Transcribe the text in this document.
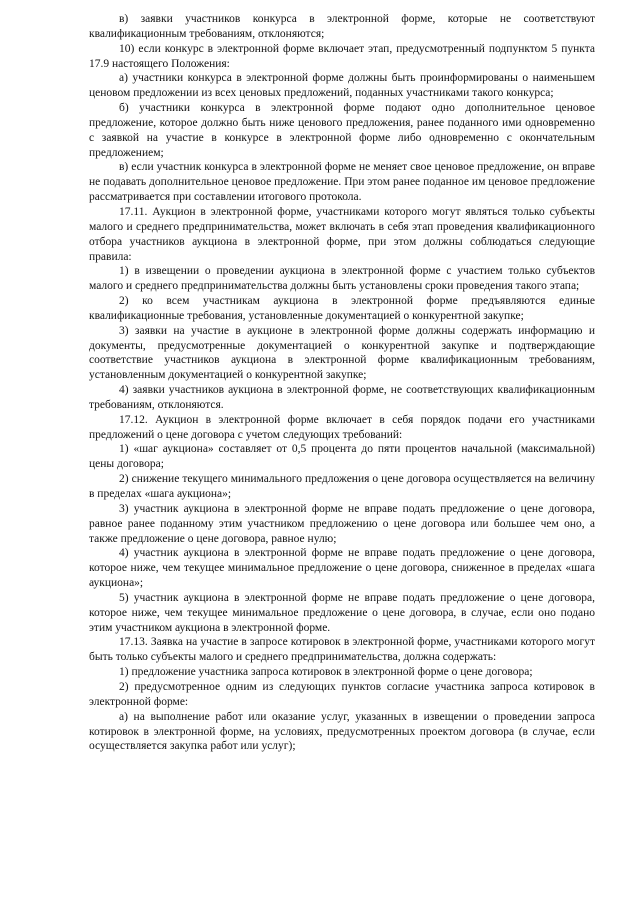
в) заявки участников конкурса в электронной форме, которые не соответствуют квалификационным требованиям, отклоняются;

10) если конкурс в электронной форме включает этап, предусмотренный подпунктом 5 пункта 17.9 настоящего Положения:

а) участники конкурса в электронной форме должны быть проинформированы о наименьшем ценовом предложении из всех ценовых предложений, поданных участниками такого конкурса;

б) участники конкурса в электронной форме подают одно дополнительное ценовое предложение, которое должно быть ниже ценового предложения, ранее поданного ими одновременно с заявкой на участие в конкурсе в электронной форме либо одновременно с окончательным предложением;

в) если участник конкурса в электронной форме не меняет свое ценовое предложение, он вправе не подавать дополнительное ценовое предложение. При этом ранее поданное им ценовое предложение рассматривается при составлении итогового протокола.

17.11. Аукцион в электронной форме, участниками которого могут являться только субъекты малого и среднего предпринимательства, может включать в себя этап проведения квалификационного отбора участников аукциона в электронной форме, при этом должны соблюдаться следующие правила:

1) в извещении о проведении аукциона в электронной форме с участием только субъектов малого и среднего предпринимательства должны быть установлены сроки проведения такого этапа;

2) ко всем участникам аукциона в электронной форме предъявляются единые квалификационные требования, установленные документацией о конкурентной закупке;

3) заявки на участие в аукционе в электронной форме должны содержать информацию и документы, предусмотренные документацией о конкурентной закупке и подтверждающие соответствие участников аукциона в электронной форме квалификационным требованиям, установленным документацией о конкурентной закупке;

4) заявки участников аукциона в электронной форме, не соответствующих квалификационным требованиям, отклоняются.

17.12. Аукцион в электронной форме включает в себя порядок подачи его участниками предложений о цене договора с учетом следующих требований:

1) «шаг аукциона» составляет от 0,5 процента до пяти процентов начальной (максимальной) цены договора;

2) снижение текущего минимального предложения о цене договора осуществляется на величину в пределах «шага аукциона»;

3) участник аукциона в электронной форме не вправе подать предложение о цене договора, равное ранее поданному этим участником предложению о цене договора или большее чем оно, а также предложение о цене договора, равное нулю;

4) участник аукциона в электронной форме не вправе подать предложение о цене договора, которое ниже, чем текущее минимальное предложение о цене договора, сниженное в пределах «шага аукциона»;

5) участник аукциона в электронной форме не вправе подать предложение о цене договора, которое ниже, чем текущее минимальное предложение о цене договора, в случае, если оно подано этим участником аукциона в электронной форме.

17.13. Заявка на участие в запросе котировок в электронной форме, участниками которого могут быть только субъекты малого и среднего предпринимательства, должна содержать:

1) предложение участника запроса котировок в электронной форме о цене договора;

2) предусмотренное одним из следующих пунктов согласие участника запроса котировок в электронной форме:

а) на выполнение работ или оказание услуг, указанных в извещении о проведении запроса котировок в электронной форме, на условиях, предусмотренных проектом договора (в случае, если осуществляется закупка работ или услуг);
